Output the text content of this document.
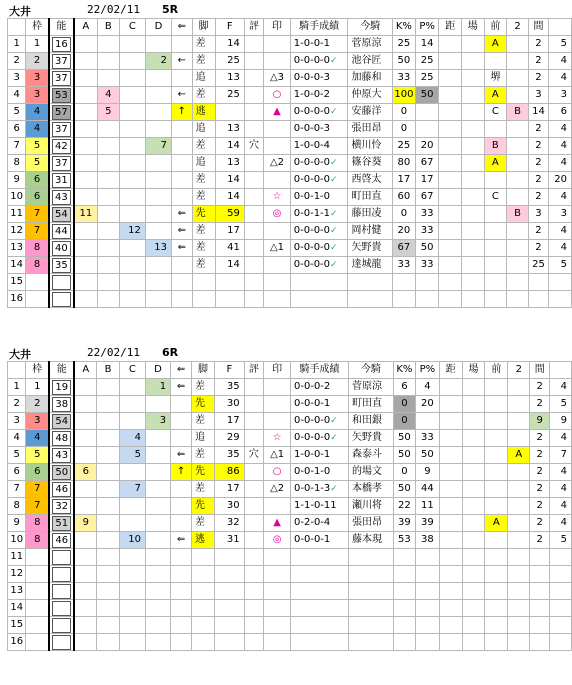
大井	22/02/11 5R
	枠	能	A	B	C	D	⇐	脚	F	評	印	騎手成績	今騎	K%	P%	距	場	前	2	間	
1	1	16						差	14			1-0-0-1	菅原涼	25	14			A		2	5
2	2	37				2	←	差	25			0-0-0-0✓	池谷匠	50	25					2	4
3	3	37						追	13		△3	0-0-0-3	加藤和	33	25			堺		2	4
4	3	53		4			←	差	25		○	1-0-0-2	仲原大	100	50			A		3	3
5	4	57		5			↑	逃			▲	0-0-0-0✓	安藤洋	0				C	B	14	6
6	4	37						追	13			0-0-0-3	張田昂	0						2	4
7	5	42				7		差	14	穴		1-0-0-4	横川怜	25	20			B		2	4
8	5	37						追	13		△2	0-0-0-0✓	篠谷葵	80	67			A		2	4
9	6	31						差	14			0-0-0-0✓	西啓太	17	17					2	20
10	6	43						差	14		☆	0-0-1-0	町田直	60	67			C		2	4
11	7	54	11				⇐	先	59		◎	0-0-1-1✓	藤田凌	0	33				B	3	3
12	7	44			12		⇐	差	17			0-0-0-0✓	岡村健	20	33					2	4
13	8	40				13	⇐	差	41		△1	0-0-0-0✓	矢野貴	67	50					2	4
14	8	35						差	14			0-0-0-0✓	達城龍	33	33					25	5
15		

16		

大井	22/02/11 6R
	枠	能	A	B	C	D	⇐	脚	F	評	印	騎手成績	今騎	K%	P%	距	場	前	2	間	
1	1	19				1	⇐	差	35			0-0-0-2	菅原涼	6	4					2	4
2	2	38						先	30			0-0-0-1	町田直	0	20					2	5
3	3	54				3		差	17			0-0-0-0✓	和田銀	0						9	9
4	4	48			4			追	29		☆	0-0-0-0✓	矢野貴	50	33					2	4
5	5	43			5		⇐	差	35	穴	△1	1-0-0-1	森泰斗	50	50				A	2	7
6	6	50	6				↑	先	86		○	0-0-1-0	的場文	0	9					2	4
7	7	46			7			差	17		△2	0-0-1-3✓	本橋孝	50	44					2	4
8	7	32						先	30			1-1-0-11	瀬川将	22	11					2	4
9	8	51	9					差	32		▲	0-2-0-4	張田昂	39	39			A		2	4
10	8	46			10		⇐	逃	31		◎	0-0-0-1	藤本現	53	38					2	5
11		

12		

13		

14		

15		

16		
